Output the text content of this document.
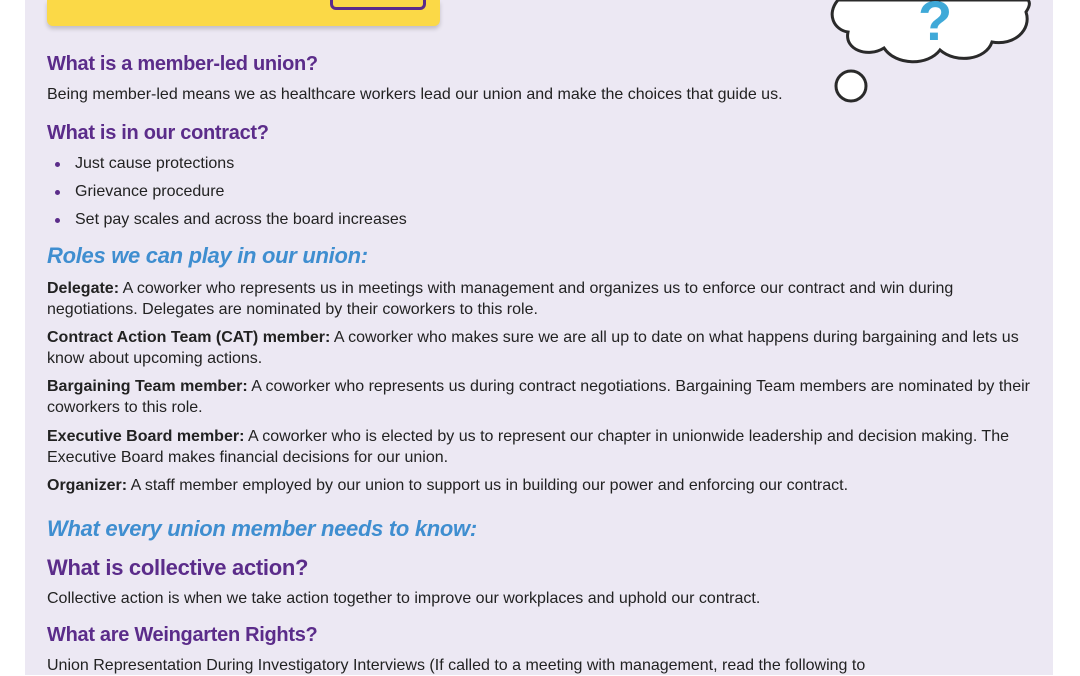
?
What is a member-led union?

Being member-led means we as healthcare workers lead our union and make the choices that guide us.

What is in our contract?
Just cause protections
Grievance procedure
Set pay scales and across the board increases
Roles we can play in our union:

Delegate: A coworker who represents us in meetings with management and organizes us to enforce our contract and win during negotiations. Delegates are nominated by their coworkers to this role.

Contract Action Team (CAT) member: A coworker who makes sure we are all up to date on what happens during bargaining and lets us know about upcoming actions.

Bargaining Team member: A coworker who represents us during contract negotiations. Bargaining Team members are nominated by their coworkers to this role.

Executive Board member: A coworker who is elected by us to represent our chapter in unionwide leadership and decision making. The Executive Board makes financial decisions for our union.

Organizer: A staff member employed by our union to support us in building our power and enforcing our contract.

What every union member needs to know:
What is collective action?

Collective action is when we take action together to improve our workplaces and uphold our contract.

What are Weingarten Rights?

Union Representation During Investigatory Interviews (If called to a meeting with management, read the following to
